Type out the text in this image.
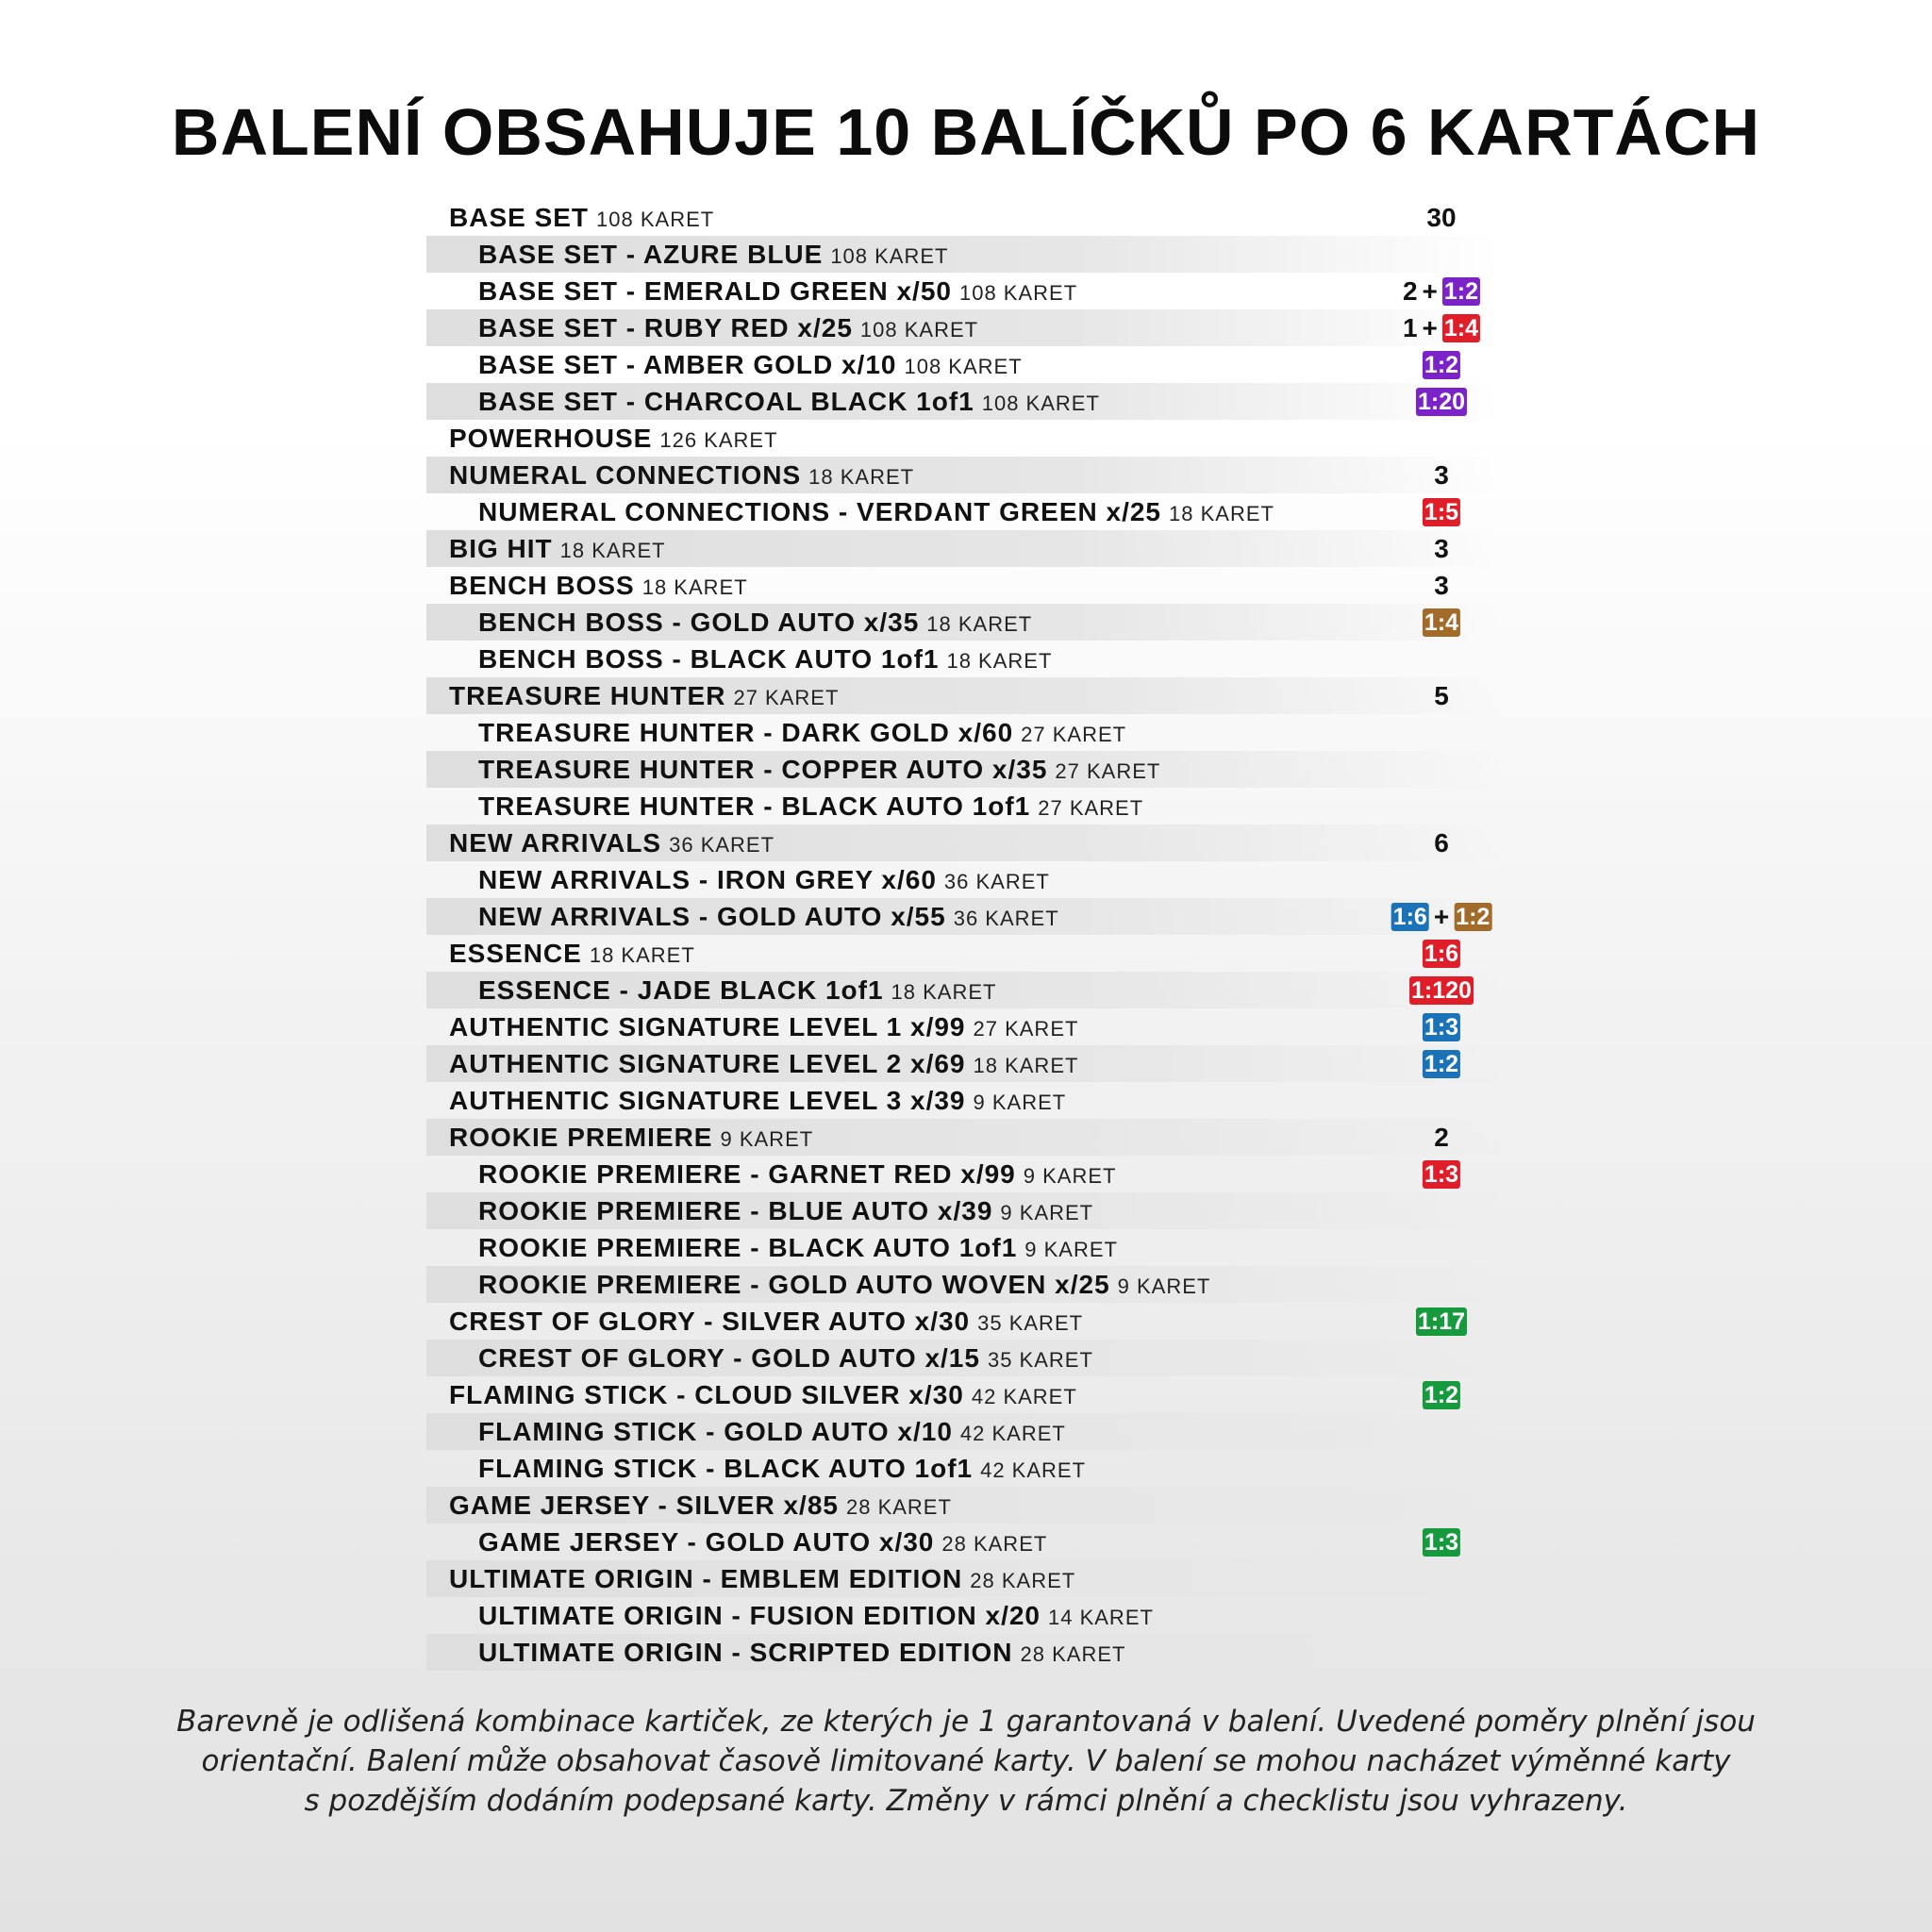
BALENÍ OBSAHUJE 10 BALÍČKŮ PO 6 KARTÁCH
BASE SET 108 KARET	30
BASE SET - AZURE BLUE 108 KARET
BASE SET - EMERALD GREEN x/50 108 KARET	2 + 1:2
BASE SET - RUBY RED x/25 108 KARET	1 + 1:4
BASE SET - AMBER GOLD x/10 108 KARET	1:2
BASE SET - CHARCOAL BLACK 1of1 108 KARET	1:20
POWERHOUSE 126 KARET
NUMERAL CONNECTIONS 18 KARET	3
NUMERAL CONNECTIONS - VERDANT GREEN x/25 18 KARET	1:5
BIG HIT 18 KARET	3
BENCH BOSS 18 KARET	3
BENCH BOSS - GOLD AUTO x/35 18 KARET	1:4
BENCH BOSS - BLACK AUTO 1of1 18 KARET
TREASURE HUNTER 27 KARET	5
TREASURE HUNTER - DARK GOLD x/60 27 KARET
TREASURE HUNTER - COPPER AUTO x/35 27 KARET
TREASURE HUNTER - BLACK AUTO 1of1 27 KARET
NEW ARRIVALS 36 KARET	6
NEW ARRIVALS - IRON GREY x/60 36 KARET
NEW ARRIVALS - GOLD AUTO x/55 36 KARET	1:6 + 1:2
ESSENCE 18 KARET	1:6
ESSENCE - JADE BLACK 1of1 18 KARET	1:120
AUTHENTIC SIGNATURE LEVEL 1 x/99 27 KARET	1:3
AUTHENTIC SIGNATURE LEVEL 2 x/69 18 KARET	1:2
AUTHENTIC SIGNATURE LEVEL 3 x/39 9 KARET
ROOKIE PREMIERE 9 KARET	2
ROOKIE PREMIERE - GARNET RED x/99 9 KARET	1:3
ROOKIE PREMIERE - BLUE AUTO x/39 9 KARET
ROOKIE PREMIERE - BLACK AUTO 1of1 9 KARET
ROOKIE PREMIERE - GOLD AUTO WOVEN x/25 9 KARET
CREST OF GLORY - SILVER AUTO x/30 35 KARET	1:17
CREST OF GLORY - GOLD AUTO x/15 35 KARET
FLAMING STICK - CLOUD SILVER x/30 42 KARET	1:2
FLAMING STICK - GOLD AUTO x/10 42 KARET
FLAMING STICK - BLACK AUTO 1of1 42 KARET
GAME JERSEY - SILVER x/85 28 KARET
GAME JERSEY - GOLD AUTO x/30 28 KARET	1:3
ULTIMATE ORIGIN - EMBLEM EDITION 28 KARET
ULTIMATE ORIGIN - FUSION EDITION x/20 14 KARET
ULTIMATE ORIGIN - SCRIPTED EDITION 28 KARET
Barevně je odlišená kombinace kartiček, ze kterých je 1 garantovaná v balení. Uvedené poměry plnění jsou
orientační. Balení může obsahovat časově limitované karty. V balení se mohou nacházet výměnné karty
s pozdějším dodáním podepsané karty. Změny v rámci plnění a checklistu jsou vyhrazeny.
